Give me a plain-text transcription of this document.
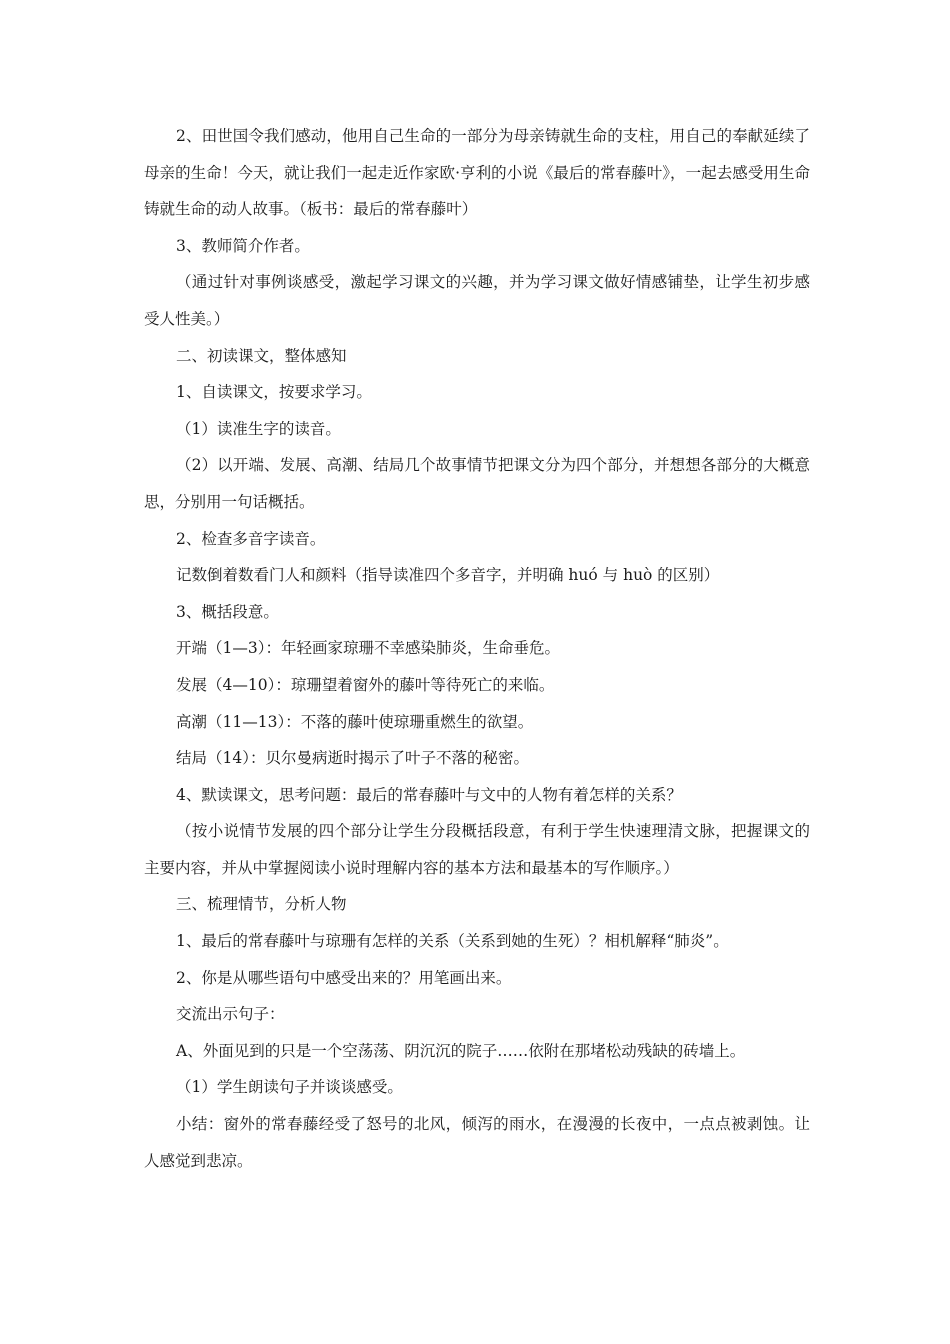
2、田世国令我们感动，他用自己生命的一部分为母亲铸就生命的支柱，用自己的奉献延续了母亲的生命！今天，就让我们一起走近作家欧·亨利的小说《最后的常春藤叶》，一起去感受用生命铸就生命的动人故事。（板书：最后的常春藤叶）

3、教师简介作者。

（通过针对事例谈感受，激起学习课文的兴趣，并为学习课文做好情感铺垫，让学生初步感受人性美。）

二、初读课文，整体感知

1、自读课文，按要求学习。

（1）读准生字的读音。

（2）以开端、发展、高潮、结局几个故事情节把课文分为四个部分，并想想各部分的大概意思，分别用一句话概括。

2、检查多音字读音。

记数倒着数看门人和颜料（指导读准四个多音字，并明确 huó 与 huò 的区别）

3、概括段意。

开端（1—3）：年轻画家琼珊不幸感染肺炎，生命垂危。

发展（4—10）：琼珊望着窗外的藤叶等待死亡的来临。

高潮（11—13）：不落的藤叶使琼珊重燃生的欲望。

结局（14）：贝尔曼病逝时揭示了叶子不落的秘密。

4、默读课文，思考问题：最后的常春藤叶与文中的人物有着怎样的关系？

（按小说情节发展的四个部分让学生分段概括段意，有利于学生快速理清文脉，把握课文的主要内容，并从中掌握阅读小说时理解内容的基本方法和最基本的写作顺序。）

三、梳理情节，分析人物

1、最后的常春藤叶与琼珊有怎样的关系（关系到她的生死）？相机解释“肺炎”。

2、你是从哪些语句中感受出来的？用笔画出来。

交流出示句子：

A、外面见到的只是一个空荡荡、阴沉沉的院子……依附在那堵松动残缺的砖墙上。

（1）学生朗读句子并谈谈感受。

小结：窗外的常春藤经受了怒号的北风，倾泻的雨水，在漫漫的长夜中，一点点被剥蚀。让人感觉到悲凉。
